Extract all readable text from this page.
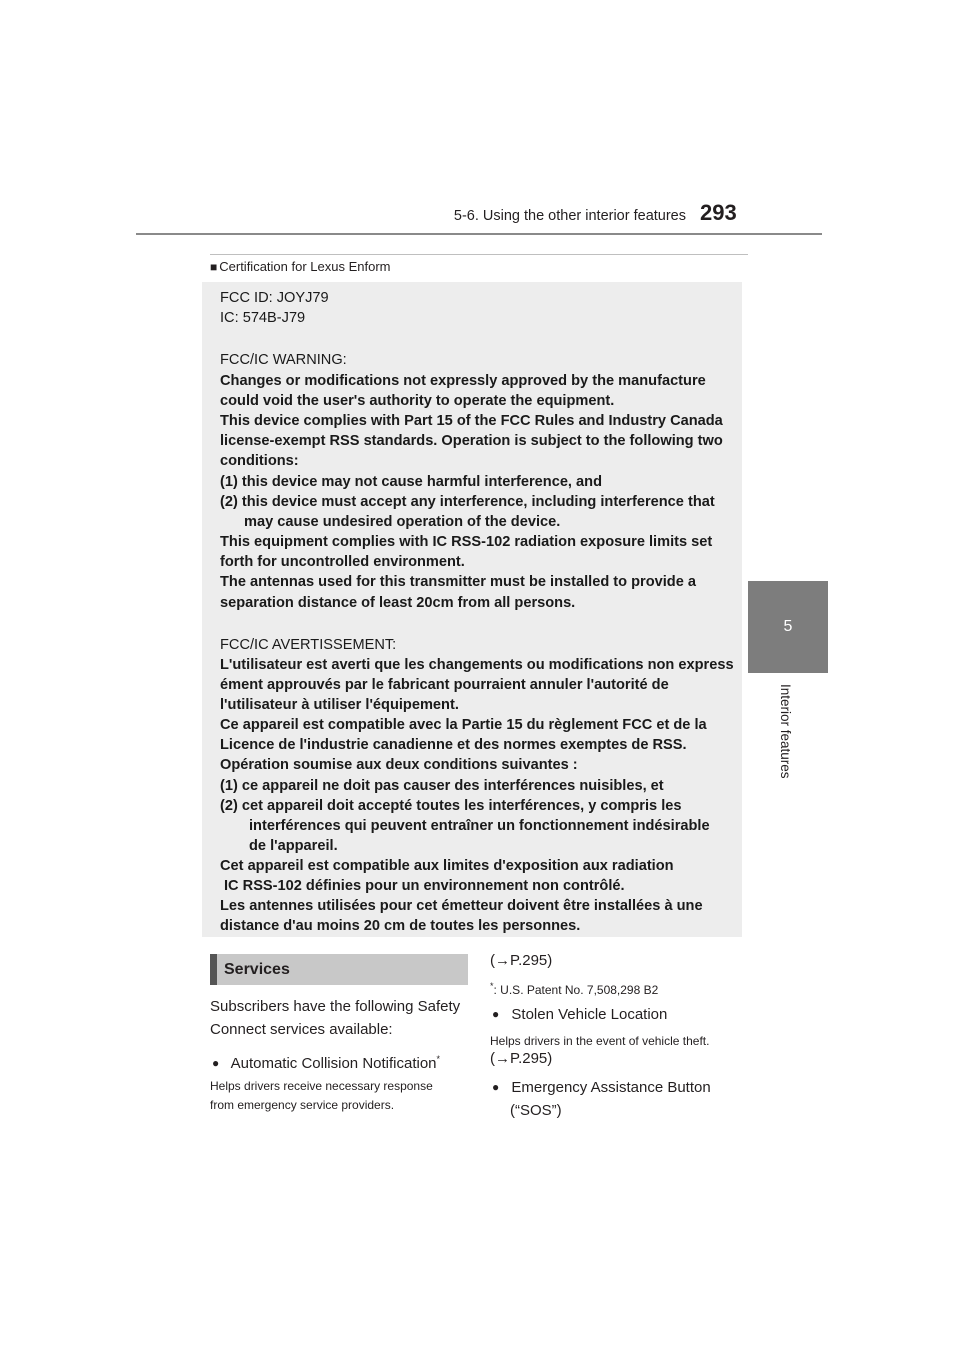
5-6. Using the other interior features 293
5
Interior features
■ Certification for Lexus Enform
FCC ID: JOYJ79
IC: 574B-J79
FCC/IC WARNING:
Changes or modifications not expressly approved by the manufacture
could void the user's authority to operate the equipment.
This device complies with Part 15 of the FCC Rules and Industry Canada
license-exempt RSS standards. Operation is subject to the following two
conditions:
(1) this device may not cause harmful interference, and
(2) this device must accept any interference, including interference that
may cause undesired operation of the device.
This equipment complies with IC RSS-102 radiation exposure limits set
forth for uncontrolled environment.
The antennas used for this transmitter must be installed to provide a
separation distance of least 20cm from all persons.
FCC/IC AVERTISSEMENT:
L'utilisateur est averti que les changements ou modifications non express
ément approuvés par le fabricant pourraient annuler l'autorité de
l'utilisateur à utiliser l'équipement.
Ce appareil est compatible avec la Partie 15 du règlement FCC et de la
Licence de l'industrie canadienne et des normes exemptes de RSS.
Opération soumise aux deux conditions suivantes :
(1) ce appareil ne doit pas causer des interférences nuisibles, et
(2) cet appareil doit accepté toutes les interférences, y compris les
interférences qui peuvent entraîner un fonctionnement indésirable
de l'appareil.
Cet appareil est compatible aux limites d'exposition aux radiation
IC RSS-102 définies pour un environnement non contrôlé.
Les antennes utilisées pour cet émetteur doivent être installées à une
distance d'au moins 20 cm de toutes les personnes.
Services
Subscribers have the following Safety
Connect services available:
● Automatic Collision Notification*
Helps drivers receive necessary response
from emergency service providers.
(→P.295)
*: U.S. Patent No. 7,508,298 B2
● Stolen Vehicle Location
Helps drivers in the event of vehicle theft.
(→P.295)
● Emergency Assistance Button
(“SOS”)
